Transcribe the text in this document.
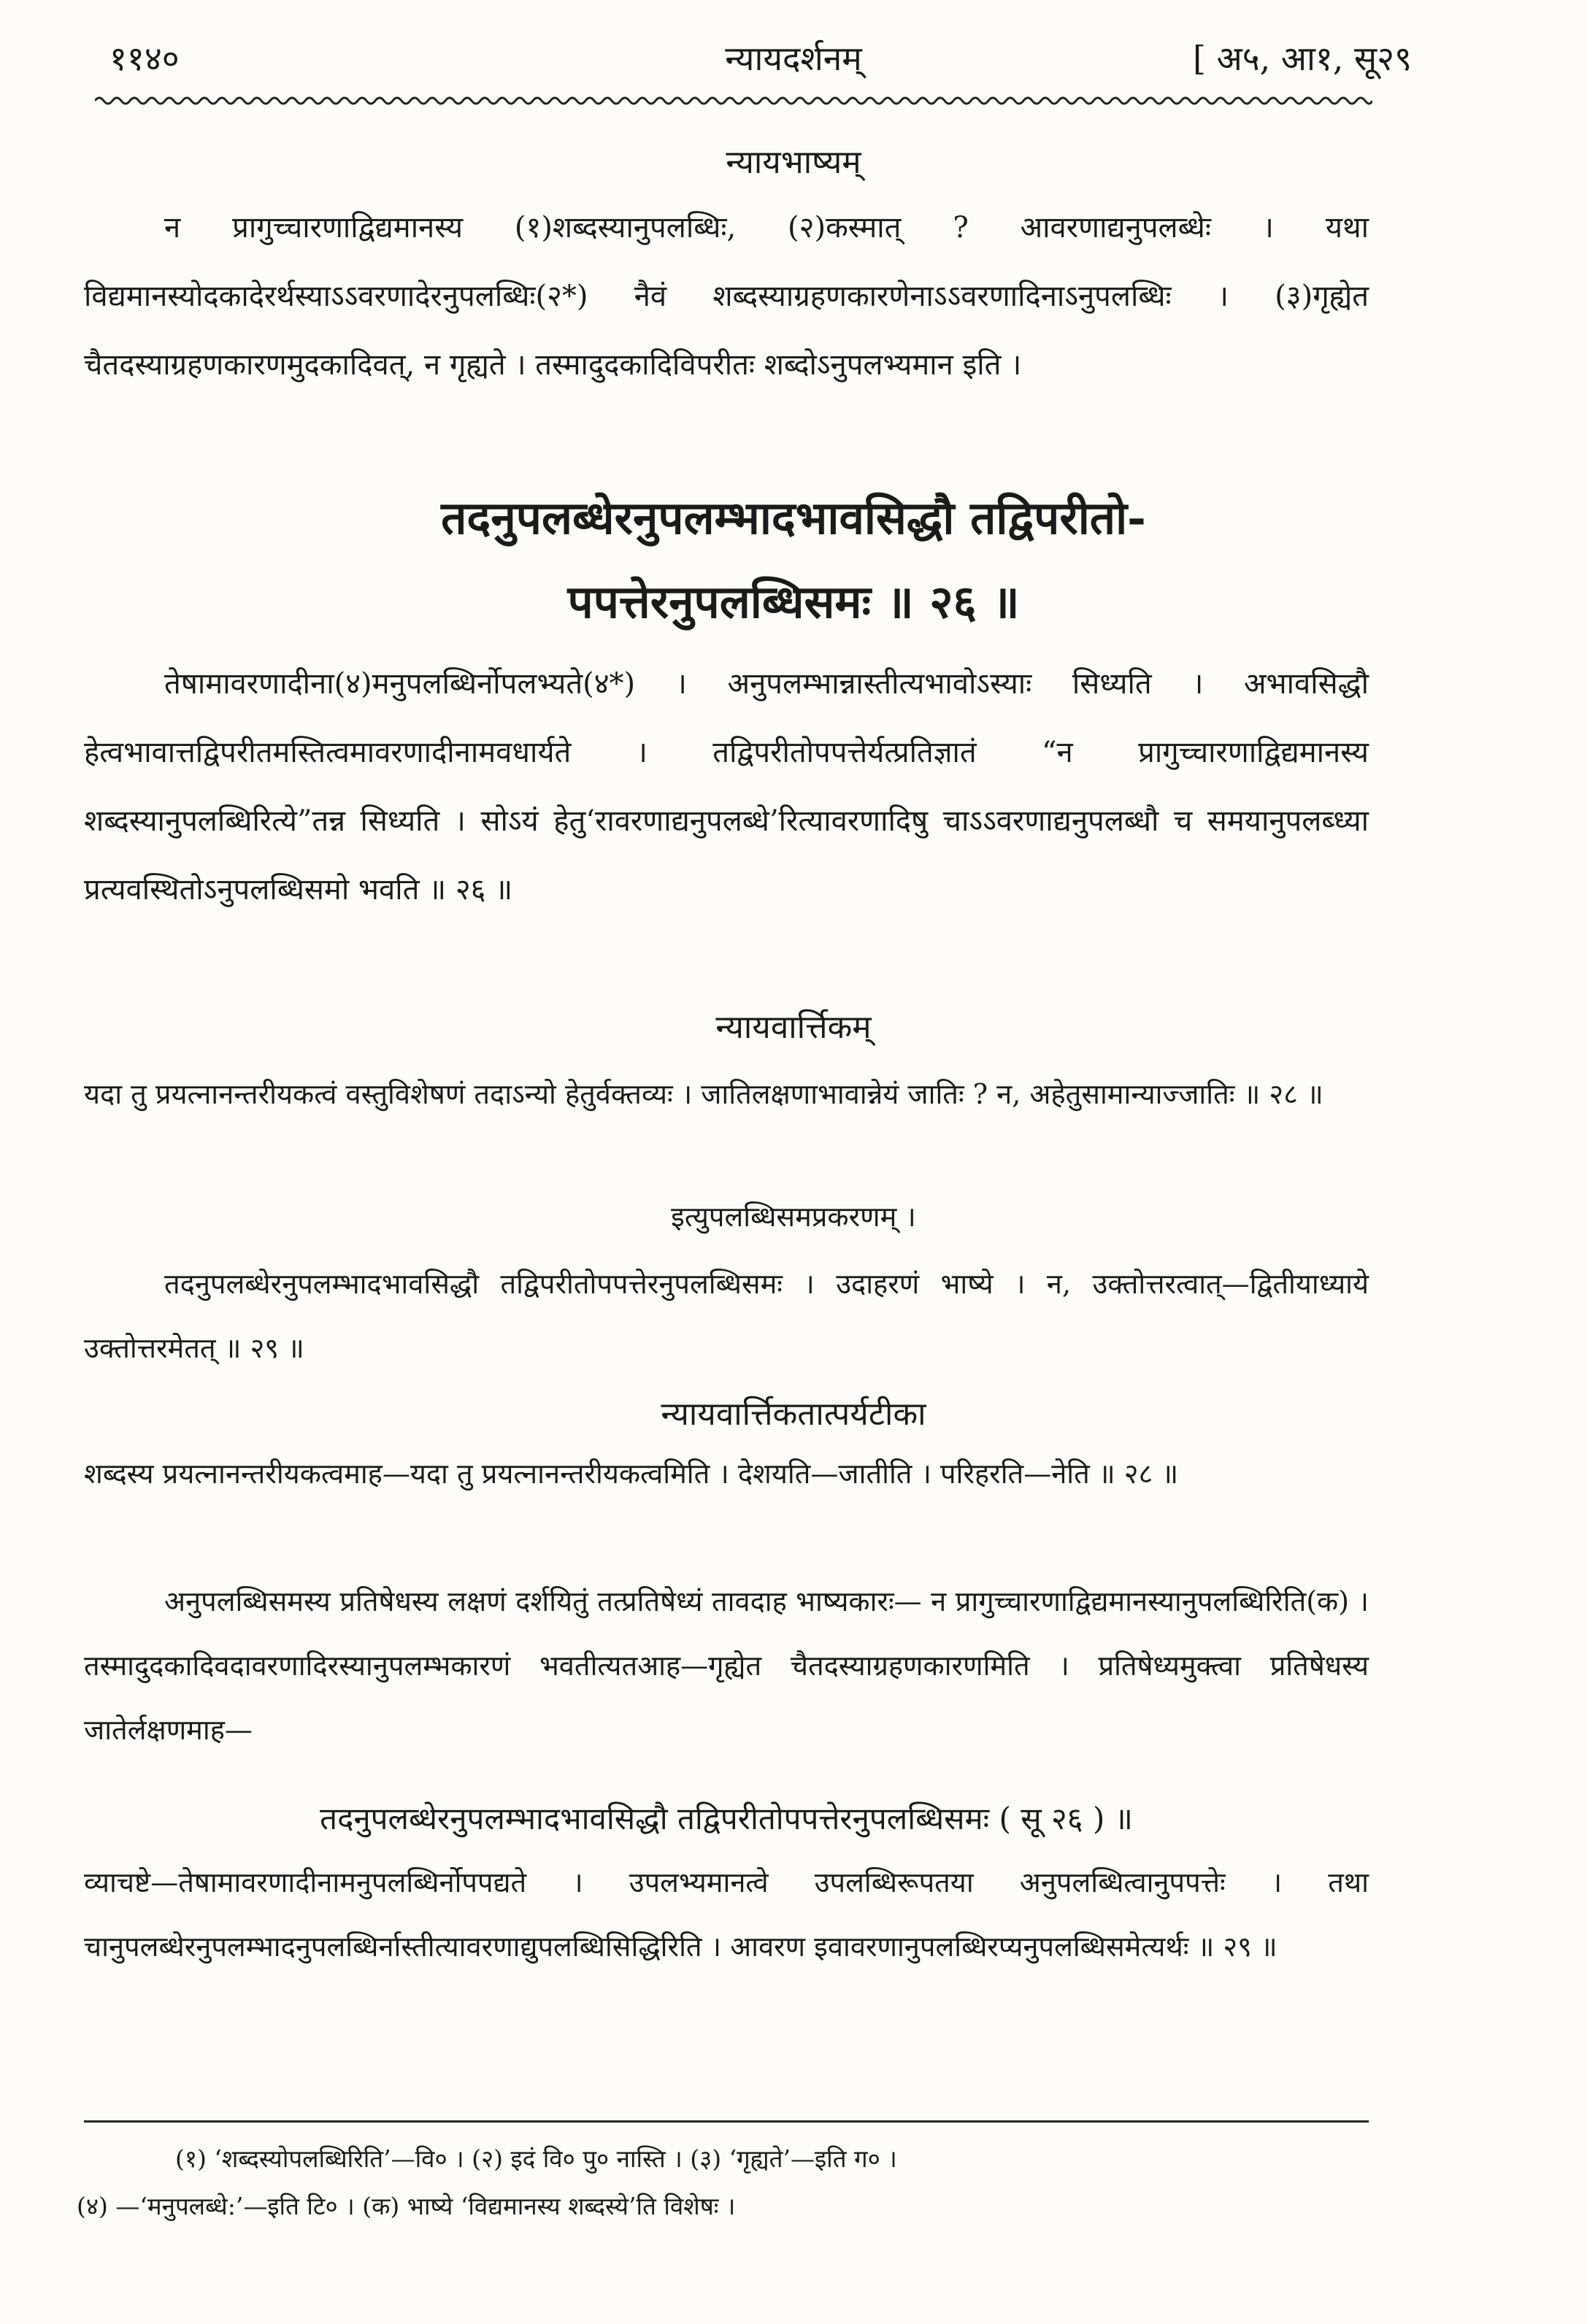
११४०	न्यायदर्शनम्	[ अ५, आ१, सू२९
न्यायभाष्यम्
न प्रागुच्चारणाद्विद्यमानस्य (१)शब्दस्यानुपलब्धिः, (२)कस्मात् ? आवरणाद्यनुपलब्धेः । यथा विद्यमानस्योदकादेरर्थस्याऽऽवरणादेरनुपलब्धिः(२*) नैवं शब्दस्याग्रहणकारणेनाऽऽवरणादिनाऽनुपलब्धिः । (३)गृह्येत चैतदस्याग्रहणकारणमुदकादिवत्, न गृह्यते । तस्मादुदकादिविपरीतः शब्दोऽनुपलभ्यमान इति ।
तदनुपलब्धेरनुपलम्भादभावसिद्धौ तद्विपरीतो-
पपत्तेरनुपलब्धिसमः ॥ २६ ॥
तेषामावरणादीना(४)मनुपलब्धिर्नोपलभ्यते(४*) । अनुपलम्भान्नास्तीत्यभावोऽस्याः सिध्यति । अभावसिद्धौ हेत्वभावात्तद्विपरीतमस्तित्वमावरणादीनामवधार्यते । तद्विपरीतोपपत्तेर्यत्प्रतिज्ञातं “न प्रागुच्चारणाद्विद्यमानस्य शब्दस्यानुपलब्धिरित्ये”तन्न सिध्यति । सोऽयं हेतु‘रावरणाद्यनुपलब्धे’रित्यावरणादिषु चाऽऽवरणाद्यनुपलब्धौ च समयानुपलब्ध्या प्रत्यवस्थितोऽनुपलब्धिसमो भवति ॥ २६ ॥
न्यायवार्त्तिकम्
यदा तु प्रयत्नानन्तरीयकत्वं वस्तुविशेषणं तदाऽन्यो हेतुर्वक्तव्यः । जातिलक्षणाभावान्नेयं जातिः ? न, अहेतुसामान्याज्जातिः ॥ २८ ॥
इत्युपलब्धिसमप्रकरणम् ।
तदनुपलब्धेरनुपलम्भादभावसिद्धौ तद्विपरीतोपपत्तेरनुपलब्धिसमः । उदाहरणं भाष्ये । न, उक्तोत्तरत्वात्—द्वितीयाध्याये उक्तोत्तरमेतत् ॥ २९ ॥
न्यायवार्त्तिकतात्पर्यटीका
शब्दस्य प्रयत्नानन्तरीयकत्वमाह—यदा तु प्रयत्नानन्तरीयकत्वमिति । देशयति—जातीति । परिहरति—नेति ॥ २८ ॥
अनुपलब्धिसमस्य प्रतिषेधस्य लक्षणं दर्शयितुं तत्प्रतिषेध्यं तावदाह भाष्यकारः— न प्रागुच्चारणाद्विद्यमानस्यानुपलब्धिरिति(क) । तस्मादुदकादिवदावरणादिरस्यानुपलम्भकारणं भवतीत्यतआह—गृह्येत चैतदस्याग्रहणकारणमिति । प्रतिषेध्यमुक्त्वा प्रतिषेधस्य जातेर्लक्षणमाह—
तदनुपलब्धेरनुपलम्भादभावसिद्धौ तद्विपरीतोपपत्तेरनुपलब्धिसमः ( सू २६ ) ॥
व्याचष्टे—तेषामावरणादीनामनुपलब्धिर्नोपपद्यते । उपलभ्यमानत्वे उपलब्धिरूपतया अनुपलब्धित्वानुपपत्तेः । तथा चानुपलब्धेरनुपलम्भादनुपलब्धिर्नास्तीत्यावरणाद्युपलब्धिसिद्धिरिति । आवरण इवावरणानुपलब्धिरप्यनुपलब्धिसमेत्यर्थः ॥ २९ ॥
(१) ‘शब्दस्योपलब्धिरिति’—वि० । (२) इदं वि० पु० नास्ति । (३) ‘गृह्यते’—इति ग० ।
(४) —‘मनुपलब्धे:’—इति टि० । (क) भाष्ये ‘विद्यमानस्य शब्दस्ये’ति विशेषः ।
